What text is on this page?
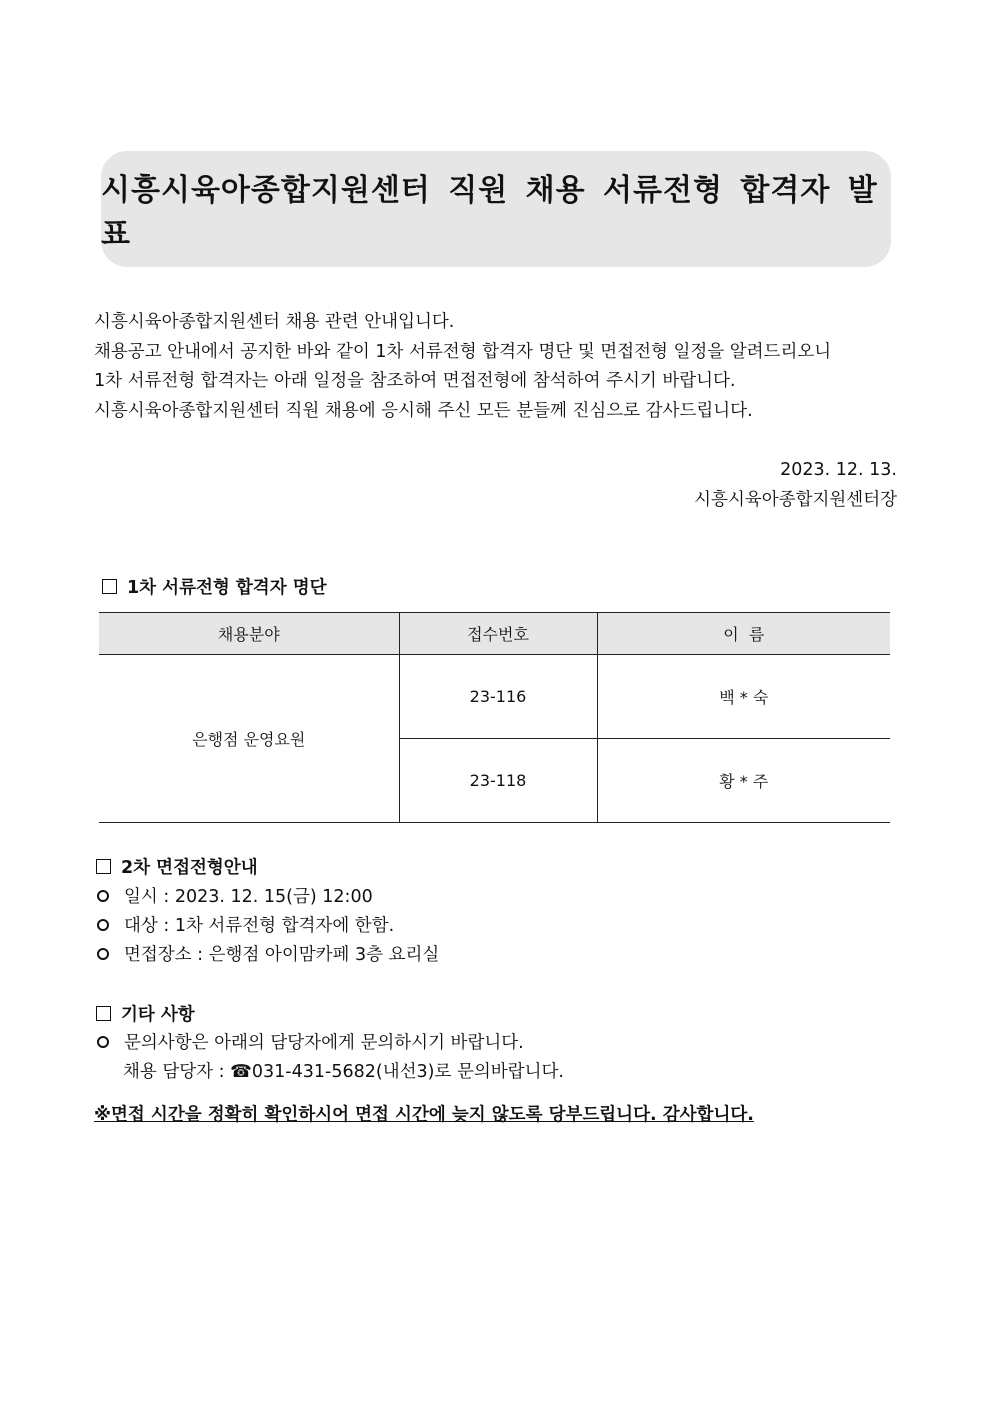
시흥시육아종합지원센터 직원 채용 서류전형 합격자 발표

시흥시육아종합지원센터 채용 관련 안내입니다.

채용공고 안내에서 공지한 바와 같이 1차 서류전형 합격자 명단 및 면접전형 일정을 알려드리오니

1차 서류전형 합격자는 아래 일정을 참조하여 면접전형에 참석하여 주시기 바랍니다.

시흥시육아종합지원센터 직원 채용에 응시해 주신 모든 분들께 진심으로 감사드립니다.

2023. 12. 13.

시흥시육아종합지원센터장

1차 서류전형 합격자 명단
채용분야	접수번호	이  름
은행점 운영요원	23-116	백 * 숙
	23-118	황 * 주
2차 면접전형안내
일시 : 2023. 12. 15(금) 12:00
대상 : 1차 서류전형 합격자에 한함.
면접장소 : 은행점 아이맘카페 3층 요리실
기타 사항
문의사항은 아래의 담당자에게 문의하시기 바랍니다.
채용 담당자 : ☎031-431-5682(내선3)로 문의바랍니다.
※면접 시간을 정확히 확인하시어 면접 시간에 늦지 않도록 당부드립니다. 감사합니다.
